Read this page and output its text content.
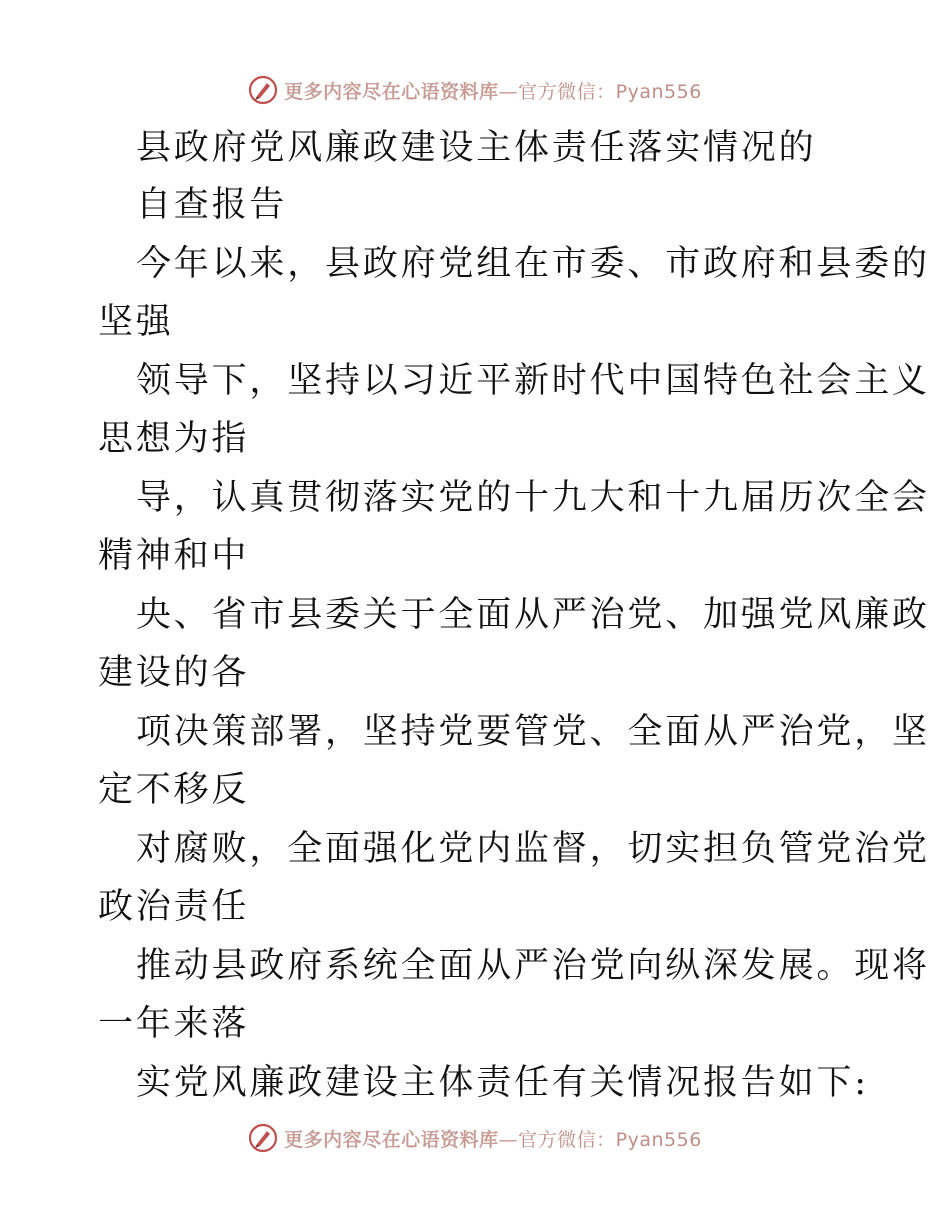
更多内容尽在心语资料库—官方微信：Pyan556

县政府党风廉政建设主体责任落实情况的

自查报告

今年以来，县政府党组在市委、市政府和县委的

坚强

领导下，坚持以习近平新时代中国特色社会主义

思想为指

导，认真贯彻落实党的十九大和十九届历次全会

精神和中

央、省市县委关于全面从严治党、加强党风廉政

建设的各

项决策部署，坚持党要管党、全面从严治党，坚

定不移反

对腐败，全面强化党内监督，切实担负管党治党

政治责任

推动县政府系统全面从严治党向纵深发展。现将

一年来落

实党风廉政建设主体责任有关情况报告如下:

更多内容尽在心语资料库—官方微信：Pyan556
